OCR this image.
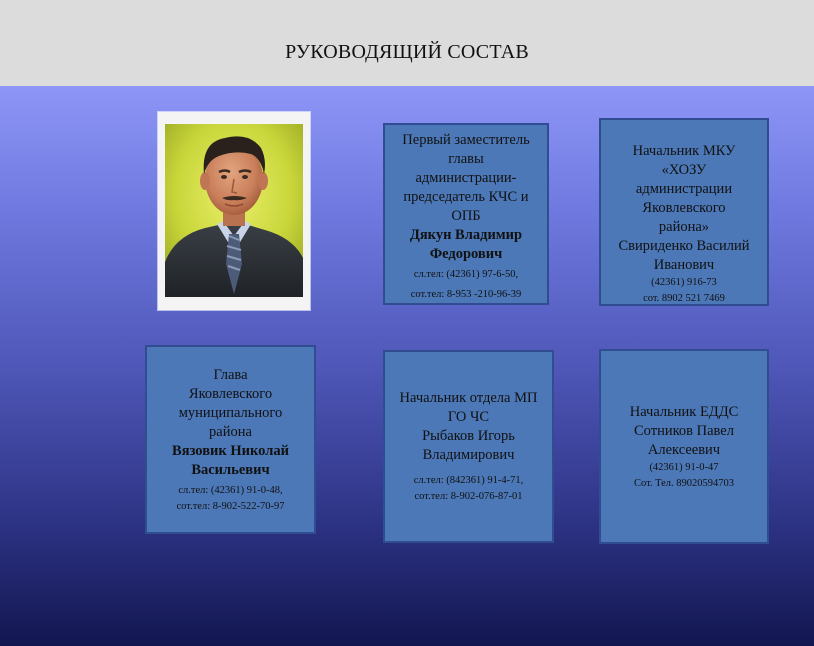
РУКОВОДЯЩИЙ СОСТАВ
Первый заместитель
главы
администрации-
председатель КЧС и
ОПБ
Дякун Владимир
Федорович
сл.тел: (42361) 97-6-50,
сот.тел: 8-953 -210-96-39
Начальник МКУ
«ХОЗУ
администрации
Яковлевского
района»
Свириденко Василий
Иванович
(42361) 916-73
сот. 8902 521 7469
Глава
Яковлевского
муниципального
района
Вязовик Николай
Васильевич
сл.тел: (42361) 91-0-48,
сот.тел: 8-902-522-70-97
Начальник отдела МП
ГО ЧС
Рыбаков Игорь
Владимирович
сл.тел: (842361) 91-4-71,
сот.тел: 8-902-076-87-01
Начальник ЕДДС
Сотников Павел
Алексеевич
(42361) 91-0-47
Сот. Тел. 89020594703
